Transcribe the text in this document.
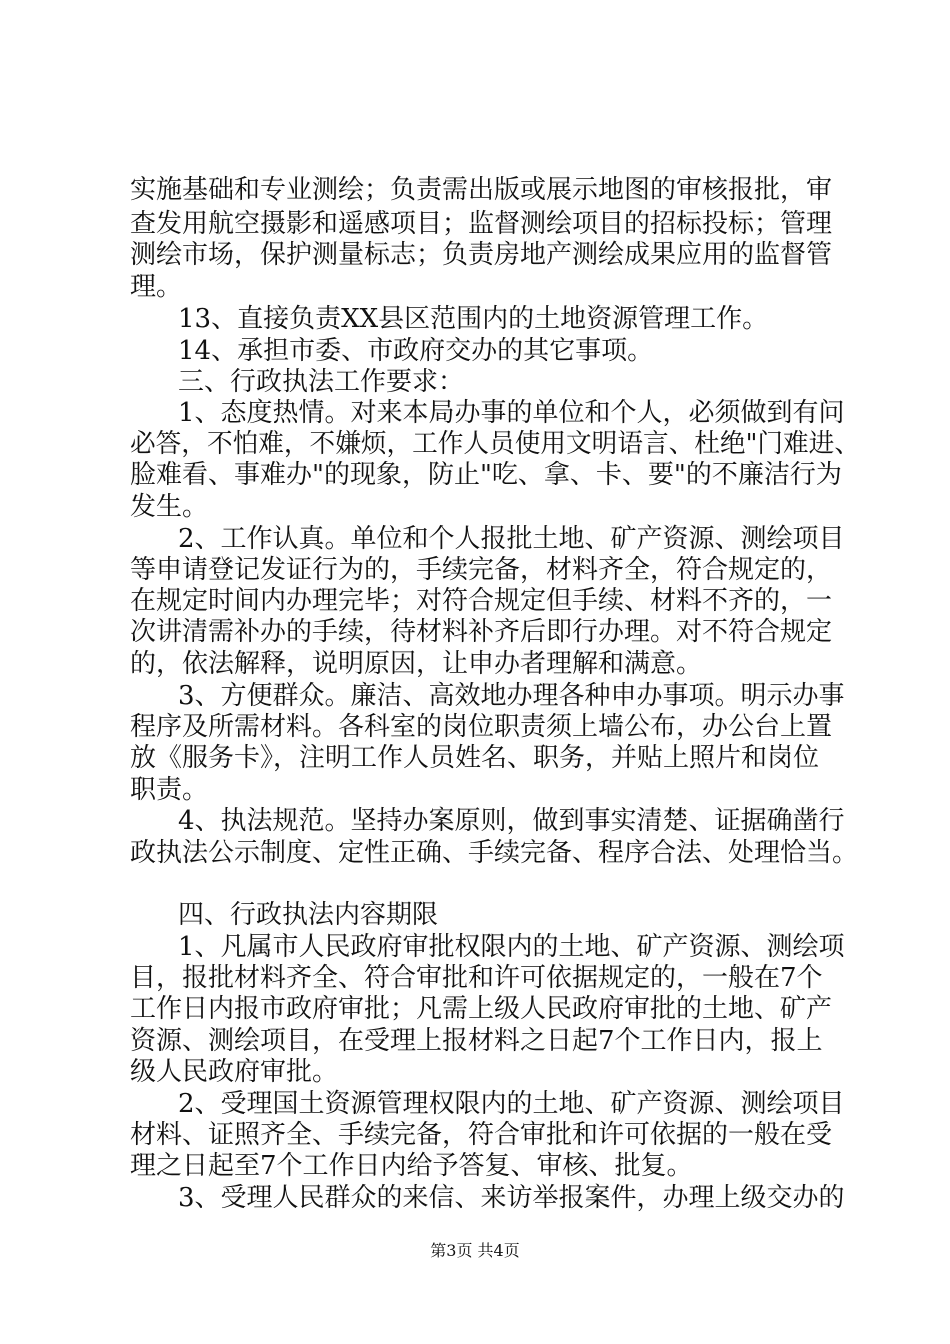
实施基础和专业测绘；负责需出版或展示地图的审核报批，审
查发用航空摄影和遥感项目；监督测绘项目的招标投标；管理
测绘市场，保护测量标志；负责房地产测绘成果应用的监督管
理。
13、直接负责XX县区范围内的土地资源管理工作。
14、承担市委、市政府交办的其它事项。
三、行政执法工作要求：
1、态度热情。对来本局办事的单位和个人，必须做到有问
必答，不怕难，不嫌烦，工作人员使用文明语言、杜绝"门难进、
脸难看、事难办"的现象，防止"吃、拿、卡、要"的不廉洁行为
发生。
2、工作认真。单位和个人报批土地、矿产资源、测绘项目
等申请登记发证行为的，手续完备，材料齐全，符合规定的，
在规定时间内办理完毕；对符合规定但手续、材料不齐的，一
次讲清需补办的手续，待材料补齐后即行办理。对不符合规定
的，依法解释，说明原因，让申办者理解和满意。
3、方便群众。廉洁、高效地办理各种申办事项。明示办事
程序及所需材料。各科室的岗位职责须上墙公布，办公台上置
放《服务卡》，注明工作人员姓名、职务，并贴上照片和岗位
职责。
4、执法规范。坚持办案原则，做到事实清楚、证据确凿行
政执法公示制度、定性正确、手续完备、程序合法、处理恰当。
四、行政执法内容期限
1、凡属市人民政府审批权限内的土地、矿产资源、测绘项
目，报批材料齐全、符合审批和许可依据规定的，一般在7个
工作日内报市政府审批；凡需上级人民政府审批的土地、矿产
资源、测绘项目，在受理上报材料之日起7个工作日内，报上
级人民政府审批。
2、受理国土资源管理权限内的土地、矿产资源、测绘项目
材料、证照齐全、手续完备，符合审批和许可依据的一般在受
理之日起至7个工作日内给予答复、审核、批复。
3、受理人民群众的来信、来访举报案件，办理上级交办的
第3页 共4页
